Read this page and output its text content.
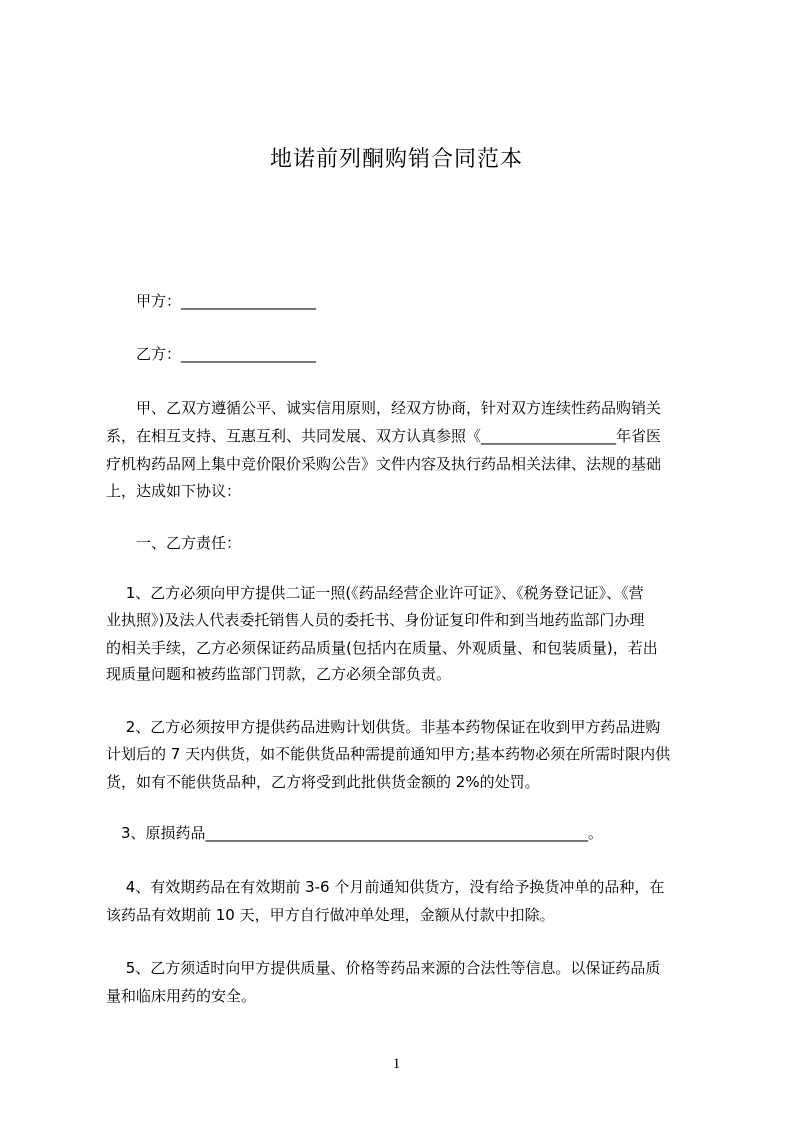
地诺前列酮购销合同范本
甲方：__________________
乙方：__________________
　　甲、乙双方遵循公平、诚实信用原则，经双方协商，针对双方连续性药品购销关
系，在相互支持、互惠互利、共同发展、双方认真参照《__________________年省医
疗机构药品网上集中竞价限价采购公告》文件内容及执行药品相关法律、法规的基础
上，达成如下协议：
一、乙方责任：
　 1、乙方必须向甲方提供二证一照(《药品经营企业许可证》、《税务登记证》、《营
业执照》)及法人代表委托销售人员的委托书、身份证复印件和到当地药监部门办理
的相关手续，乙方必须保证药品质量(包括内在质量、外观质量、和包装质量)，若出
现质量问题和被药监部门罚款，乙方必须全部负责。
　 2、乙方必须按甲方提供药品进购计划供货。非基本药物保证在收到甲方药品进购
计划后的 7 天内供货，如不能供货品种需提前通知甲方;基本药物必须在所需时限内供
货，如有不能供货品种，乙方将受到此批供货金额的 2%的处罚。
　3、原损药品___________________________________________________。
　 4、有效期药品在有效期前 3-6 个月前通知供货方，没有给予换货冲单的品种，在
该药品有效期前 10 天，甲方自行做冲单处理，金额从付款中扣除。
　 5、乙方须适时向甲方提供质量、价格等药品来源的合法性等信息。以保证药品质
量和临床用药的安全。
1
